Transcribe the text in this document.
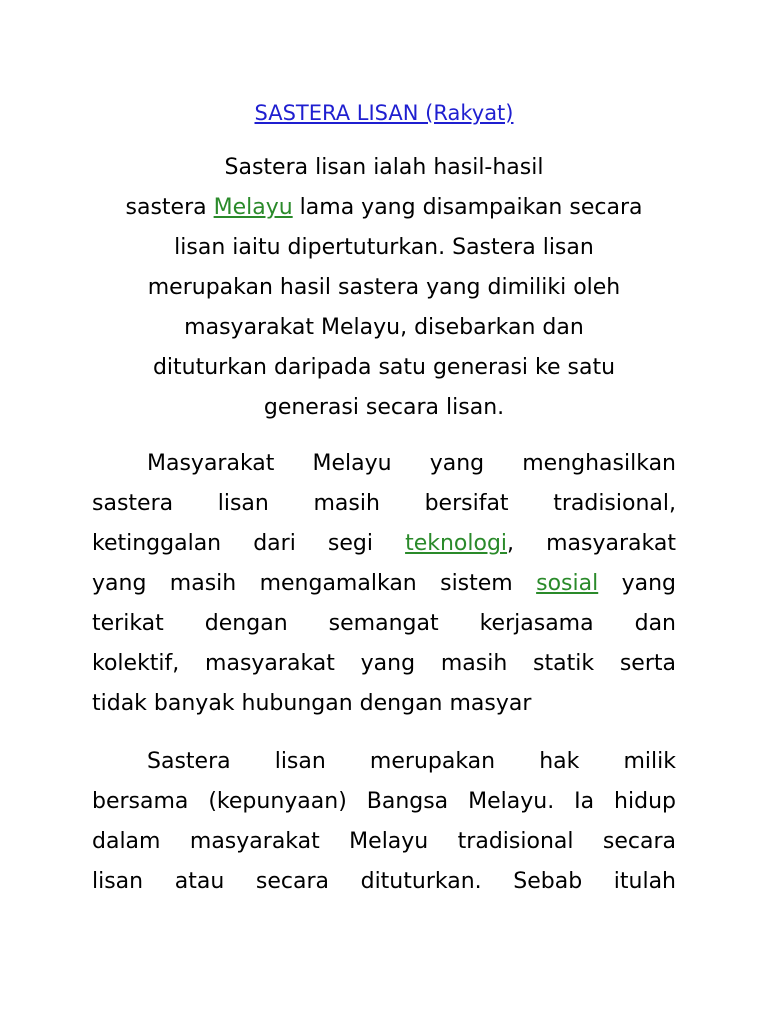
SASTERA LISAN (Rakyat)
Sastera lisan ialah hasil-hasil
sastera Melayu lama yang disampaikan secara
lisan iaitu dipertuturkan. Sastera lisan
merupakan hasil sastera yang dimiliki oleh
masyarakat Melayu, disebarkan dan
dituturkan daripada satu generasi ke satu
generasi secara lisan.
Masyarakat Melayu yang menghasilkan
sastera lisan masih bersifat tradisional,
ketinggalan dari segi teknologi, masyarakat
yang masih mengamalkan sistem sosial yang
terikat dengan semangat kerjasama dan
kolektif, masyarakat yang masih statik serta
tidak banyak hubungan dengan masyar
Sastera lisan merupakan hak milik
bersama (kepunyaan) Bangsa Melayu. Ia hidup
dalam masyarakat Melayu tradisional secara
lisan atau secara dituturkan. Sebab itulah
